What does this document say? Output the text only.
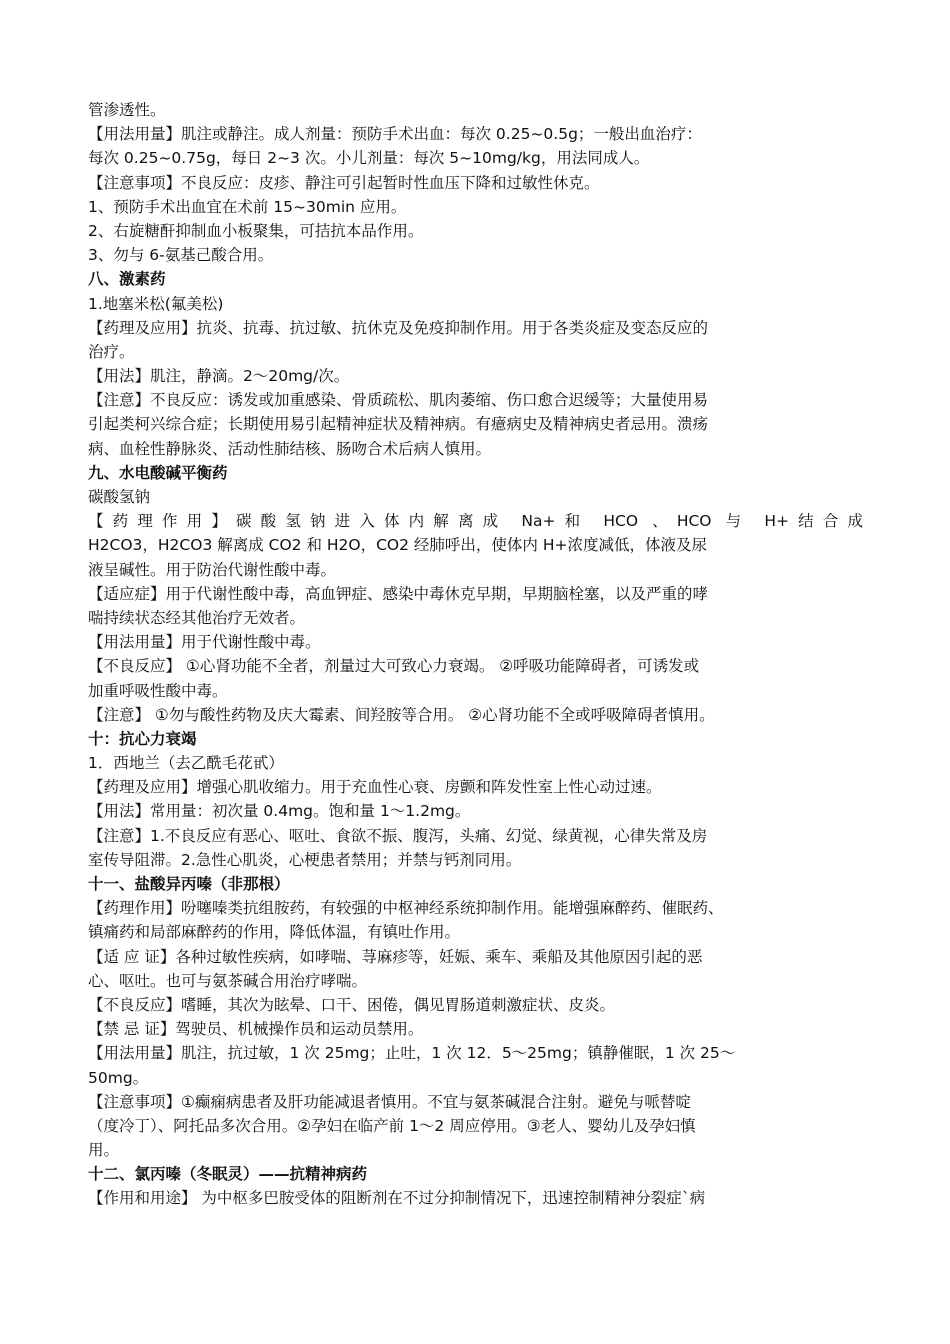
管渗透性。
【用法用量】肌注或静注。成人剂量：预防手术出血：每次 0.25~0.5g；一般出血治疗：
每次 0.25~0.75g，每日 2~3 次。小儿剂量：每次 5~10mg/kg，用法同成人。
【注意事项】不良反应：皮疹、静注可引起暂时性血压下降和过敏性休克。
1、预防手术出血宜在术前 15~30min 应用。
2、右旋糖酐抑制血小板聚集，可拮抗本品作用。
3、勿与 6-氨基己酸合用。
八、激素药
1.地塞米松(氟美松)
【药理及应用】抗炎、抗毒、抗过敏、抗休克及免疫抑制作用。用于各类炎症及变态反应的
治疗。
【用法】肌注，静滴。2～20mg/次。
【注意】不良反应：诱发或加重感染、骨质疏松、肌肉萎缩、伤口愈合迟缓等；大量使用易
引起类柯兴综合症；长期使用易引起精神症状及精神病。有癔病史及精神病史者忌用。溃疡
病、血栓性静脉炎、活动性肺结核、肠吻合术后病人慎用。
九、水电酸碱平衡药
碳酸氢钠
【药理作用】碳酸氢钠进入体内解离成 Na+和 HCO 、HCO 与 H+结合成
H2CO3，H2CO3 解离成 CO2 和 H2O，CO2 经肺呼出，使体内 H+浓度减低，体液及尿
液呈碱性。用于防治代谢性酸中毒。
【适应症】用于代谢性酸中毒，高血钾症、感染中毒休克早期，早期脑栓塞，以及严重的哮
喘持续状态经其他治疗无效者。
【用法用量】用于代谢性酸中毒。
【不良反应】 ①心肾功能不全者，剂量过大可致心力衰竭。 ②呼吸功能障碍者，可诱发或
加重呼吸性酸中毒。
【注意】 ①勿与酸性药物及庆大霉素、间羟胺等合用。 ②心肾功能不全或呼吸障碍者慎用。
十：抗心力衰竭
1．西地兰（去乙酰毛花甙）
【药理及应用】增强心肌收缩力。用于充血性心衰、房颤和阵发性室上性心动过速。
【用法】常用量：初次量 0.4mg。饱和量 1～1.2mg。
【注意】1.不良反应有恶心、呕吐、食欲不振、腹泻，头痛、幻觉、绿黄视，心律失常及房
室传导阻滞。2.急性心肌炎，心梗患者禁用；并禁与钙剂同用。
十一、盐酸异丙嗪（非那根）
【药理作用】吩噻嗪类抗组胺药，有较强的中枢神经系统抑制作用。能增强麻醉药、催眠药、
镇痛药和局部麻醉药的作用，降低体温，有镇吐作用。
【适 应 证】各种过敏性疾病，如哮喘、荨麻疹等，妊娠、乘车、乘船及其他原因引起的恶
心、呕吐。也可与氨茶碱合用治疗哮喘。
【不良反应】嗜睡，其次为眩晕、口干、困倦，偶见胃肠道刺激症状、皮炎。
【禁 忌 证】驾驶员、机械操作员和运动员禁用。
【用法用量】肌注，抗过敏，1 次 25mg；止吐，1 次 12．5～25mg；镇静催眠，1 次 25～
50mg。
【注意事项】①癫痫病患者及肝功能减退者慎用。不宜与氨茶碱混合注射。避免与哌替啶
（度冷丁）、阿托品多次合用。②孕妇在临产前 1～2 周应停用。③老人、婴幼儿及孕妇慎
用。
十二、氯丙嗪（冬眠灵）——抗精神病药
【作用和用途】 为中枢多巴胺受体的阻断剂在不过分抑制情况下，迅速控制精神分裂症`病
